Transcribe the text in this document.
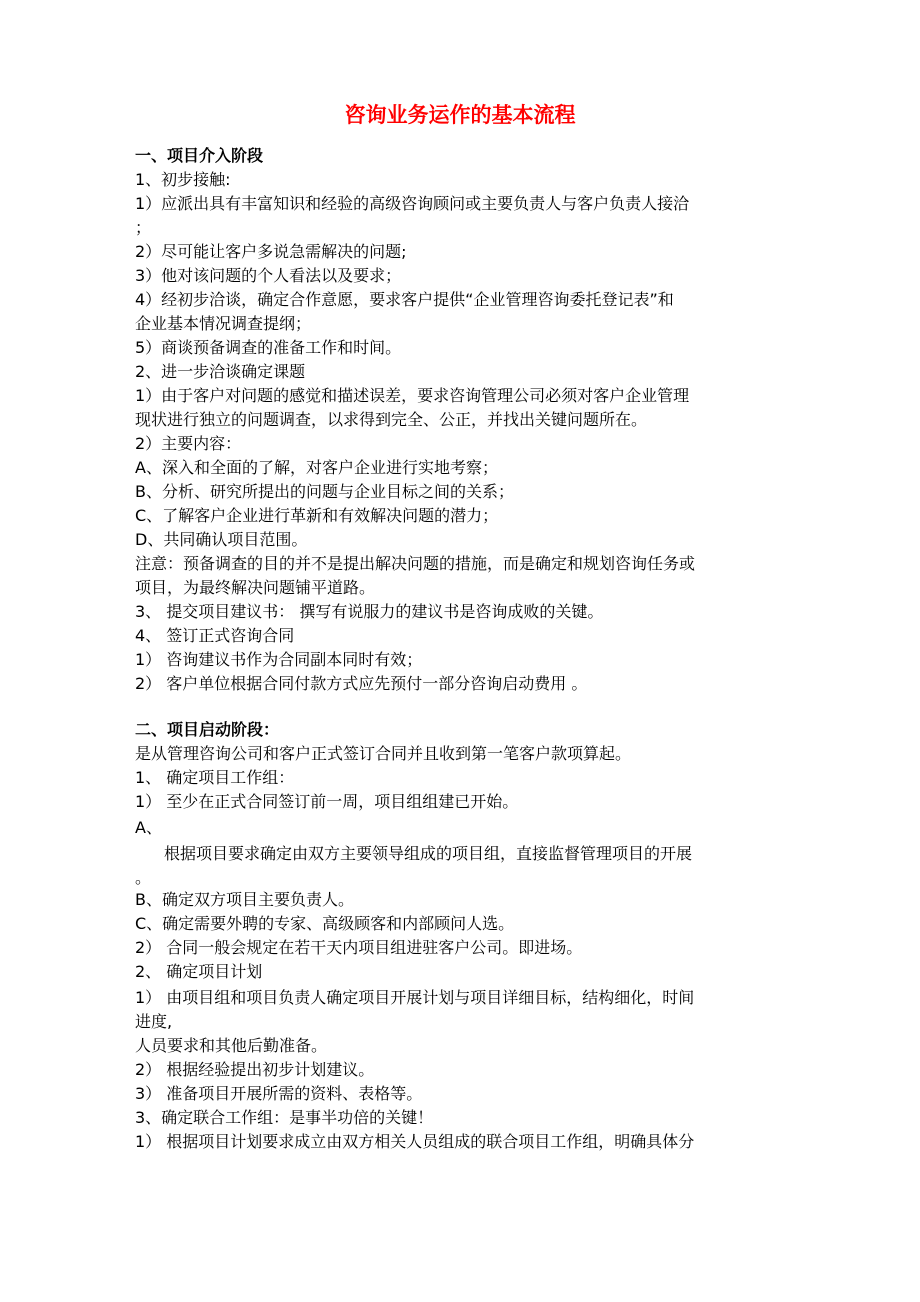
咨询业务运作的基本流程
一、项目介入阶段
1、初步接触:
1）应派出具有丰富知识和经验的高级咨询顾问或主要负责人与客户负责人接洽
；
2）尽可能让客户多说急需解决的问题;
3）他对该问题的个人看法以及要求；
4）经初步洽谈，确定合作意愿，要求客户提供“企业管理咨询委托登记表”和
企业基本情况调查提纲；
5）商谈预备调查的准备工作和时间。
2、进一步洽谈确定课题
1）由于客户对问题的感觉和描述误差，要求咨询管理公司必须对客户企业管理
现状进行独立的问题调查，以求得到完全、公正，并找出关键问题所在。
2）主要内容：
A、深入和全面的了解，对客户企业进行实地考察；
B、分析、研究所提出的问题与企业目标之间的关系；
C、了解客户企业进行革新和有效解决问题的潜力；
D、共同确认项目范围。
注意：预备调查的目的并不是提出解决问题的措施，而是确定和规划咨询任务或
项目，为最终解决问题铺平道路。
3、 提交项目建议书： 撰写有说服力的建议书是咨询成败的关键。
4、 签订正式咨询合同
1） 咨询建议书作为合同副本同时有效；
2） 客户单位根据合同付款方式应先预付一部分咨询启动费用 。
二、项目启动阶段：
是从管理咨询公司和客户正式签订合同并且收到第一笔客户款项算起。
1、 确定项目工作组：
1） 至少在正式合同签订前一周，项目组组建已开始。
A、
根据项目要求确定由双方主要领导组成的项目组，直接监督管理项目的开展
。
B、确定双方项目主要负责人。
C、确定需要外聘的专家、高级顾客和内部顾问人选。
2） 合同一般会规定在若干天内项目组进驻客户公司。即进场。
2、 确定项目计划
1） 由项目组和项目负责人确定项目开展计划与项目详细目标，结构细化，时间
进度,
人员要求和其他后勤准备。
2） 根据经验提出初步计划建议。
3） 准备项目开展所需的资料、表格等。
3、确定联合工作组：是事半功倍的关键！
1） 根据项目计划要求成立由双方相关人员组成的联合项目工作组，明确具体分
